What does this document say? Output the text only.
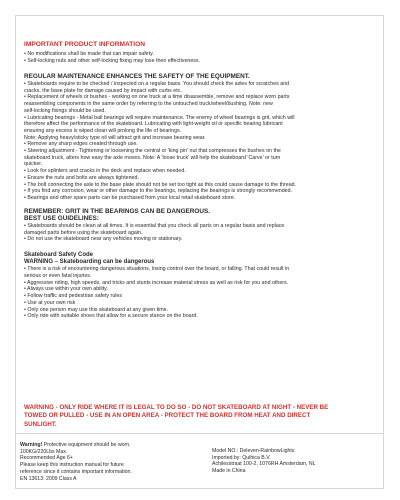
IMPORTANT PRODUCT INFORMATION
• No modifications shall be made that can impair safety.
• Self-locking nuts and other self-locking fixing may lose their effectiveness.
REGULAR MAINTENANCE ENHANCES THE SAFETY OF THE EQUIPMENT.
• Skateboards require to be checked / inspected on a regular basis. You should check the axles for scratches and
cracks, the base plate for damage caused by impact with curbs etc.
• Replacement of wheels or bushes - working on one truck at a time disassemble, remove and replace worn parts
reassembling components in the same order by referring to the untouched truck/wheel/bushing. Note: new
self-locking fixings should be used.
• Lubricating bearings - Metal ball bearings will require maintenance. The enemy of wheel bearings is grit, which will
therefore affect the performance of the skateboard. Lubricating with light-weight oil or specific bearing lubricant
ensuring any excess is wiped clean will prolong the life of bearings.
Note: Applying heavy/sticky type oil will attract grit and increase bearing wear.
• Remove any sharp edges created through use.
• Steering adjustment - Tightening or loosening the central or 'king pin' nut that compresses the bushes on the
skateboard truck, alters how easy the axle moves. Note: A 'loose truck' will help the skateboard 'Carve' or turn
quicker.
• Look for splinters and cracks in the deck and replace when needed.
• Ensure the nuts and bolts are always tightened.
• The bolt connecting the axle to the base plate should not be set too tight as this could cause damage to the thread.
• If you find any corrosion, wear or other damage to the bearings, replacing the bearings is strongly recommended.
• Bearings and other spare parts can be purchased from your local retail skateboard store.
REMEMBER: GRIT IN THE BEARINGS CAN BE DANGEROUS.
BEST USE GUIDELINES:
• Skateboards should be clean at all times. It is essential that you check all parts on a regular basis and replace
damaged parts before using the skateboard again.
• Do not use the skateboard near any vehicles moving or stationary.
Skateboard Safety Code
WARNING – Skateboarding can be dangerous
• There is a risk of encountering dangerous situations, losing control over the board, or falling. That could result in
serious or even fatal injuries.
• Aggressive riding, high speeds, and tricks and stunts increase material stress as well as risk for you and others.
• Always use within your own ability.
• Follow traffic and pedestrian safety rules
• Use at your own risk
• Only one person may use this skateboard at any given time.
• Only ride with suitable shoes that allow for a secure stance on the board.
WARNING - ONLY RIDE WHERE IT IS LEGAL TO DO SO - DO NOT SKATEBOARD AT NIGHT - NEVER BE
TOWED OR PULLED - USE IN AN OPEN AREA - PROTECT THE BOARD FROM HEAT AND DIRECT
SUNLIGHT.
Warning! Protective equipment should be worn.
100KG/220Lbs Max.
Recommended Age 6+
Please keep this instruction manual for future
reference since it contains important information.
EN 13613: 2009 Class A
Model NO.: Deleven-RainbowLights
Imported by: Quihica B.V.
Achilesstraat 100-2, 1076RH Amsterdam, NL
Made in China
